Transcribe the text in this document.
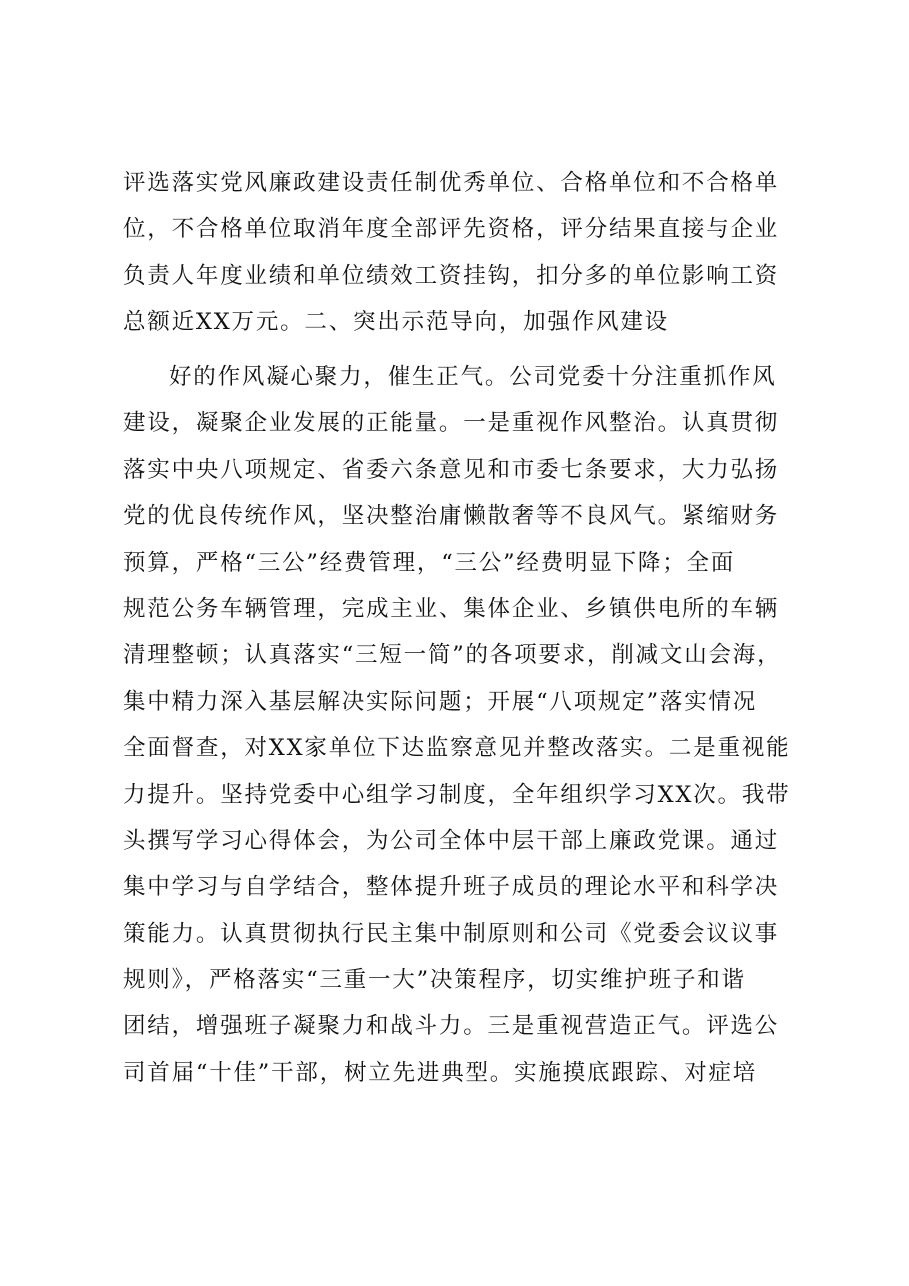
评选落实党风廉政建设责任制优秀单位、合格单位和不合格单
位，不合格单位取消年度全部评先资格，评分结果直接与企业
负责人年度业绩和单位绩效工资挂钩，扣分多的单位影响工资
总额近XX万元。二、突出示范导向，加强作风建设
好的作风凝心聚力，催生正气。公司党委十分注重抓作风
建设，凝聚企业发展的正能量。一是重视作风整治。认真贯彻
落实中央八项规定、省委六条意见和市委七条要求，大力弘扬
党的优良传统作风，坚决整治庸懒散奢等不良风气。紧缩财务
预算，严格“三公”经费管理，“三公”经费明显下降；全面
规范公务车辆管理，完成主业、集体企业、乡镇供电所的车辆
清理整顿；认真落实“三短一简”的各项要求，削减文山会海，
集中精力深入基层解决实际问题；开展“八项规定”落实情况
全面督查，对XX家单位下达监察意见并整改落实。二是重视能
力提升。坚持党委中心组学习制度，全年组织学习XX次。我带
头撰写学习心得体会，为公司全体中层干部上廉政党课。通过
集中学习与自学结合，整体提升班子成员的理论水平和科学决
策能力。认真贯彻执行民主集中制原则和公司《党委会议议事
规则》，严格落实“三重一大”决策程序，切实维护班子和谐
团结，增强班子凝聚力和战斗力。三是重视营造正气。评选公
司首届“十佳”干部，树立先进典型。实施摸底跟踪、对症培
